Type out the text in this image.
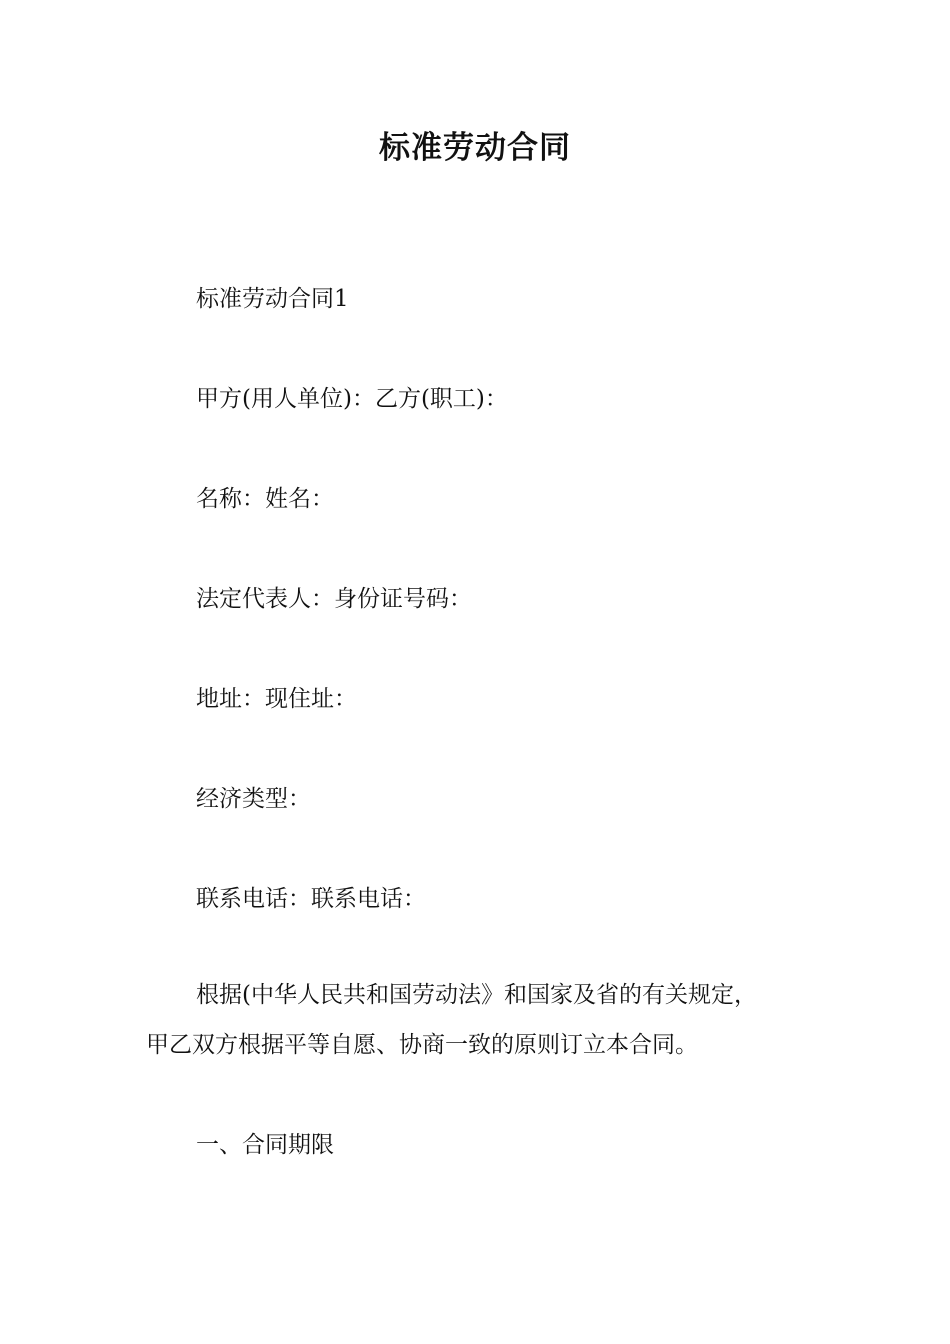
标准劳动合同

标准劳动合同1

甲方(用人单位)：乙方(职工)：

名称：姓名：

法定代表人：身份证号码：

地址：现住址：

经济类型：

联系电话：联系电话：

根据(中华人民共和国劳动法》和国家及省的有关规定，
甲乙双方根据平等自愿、协商一致的原则订立本合同。

一、合同期限
